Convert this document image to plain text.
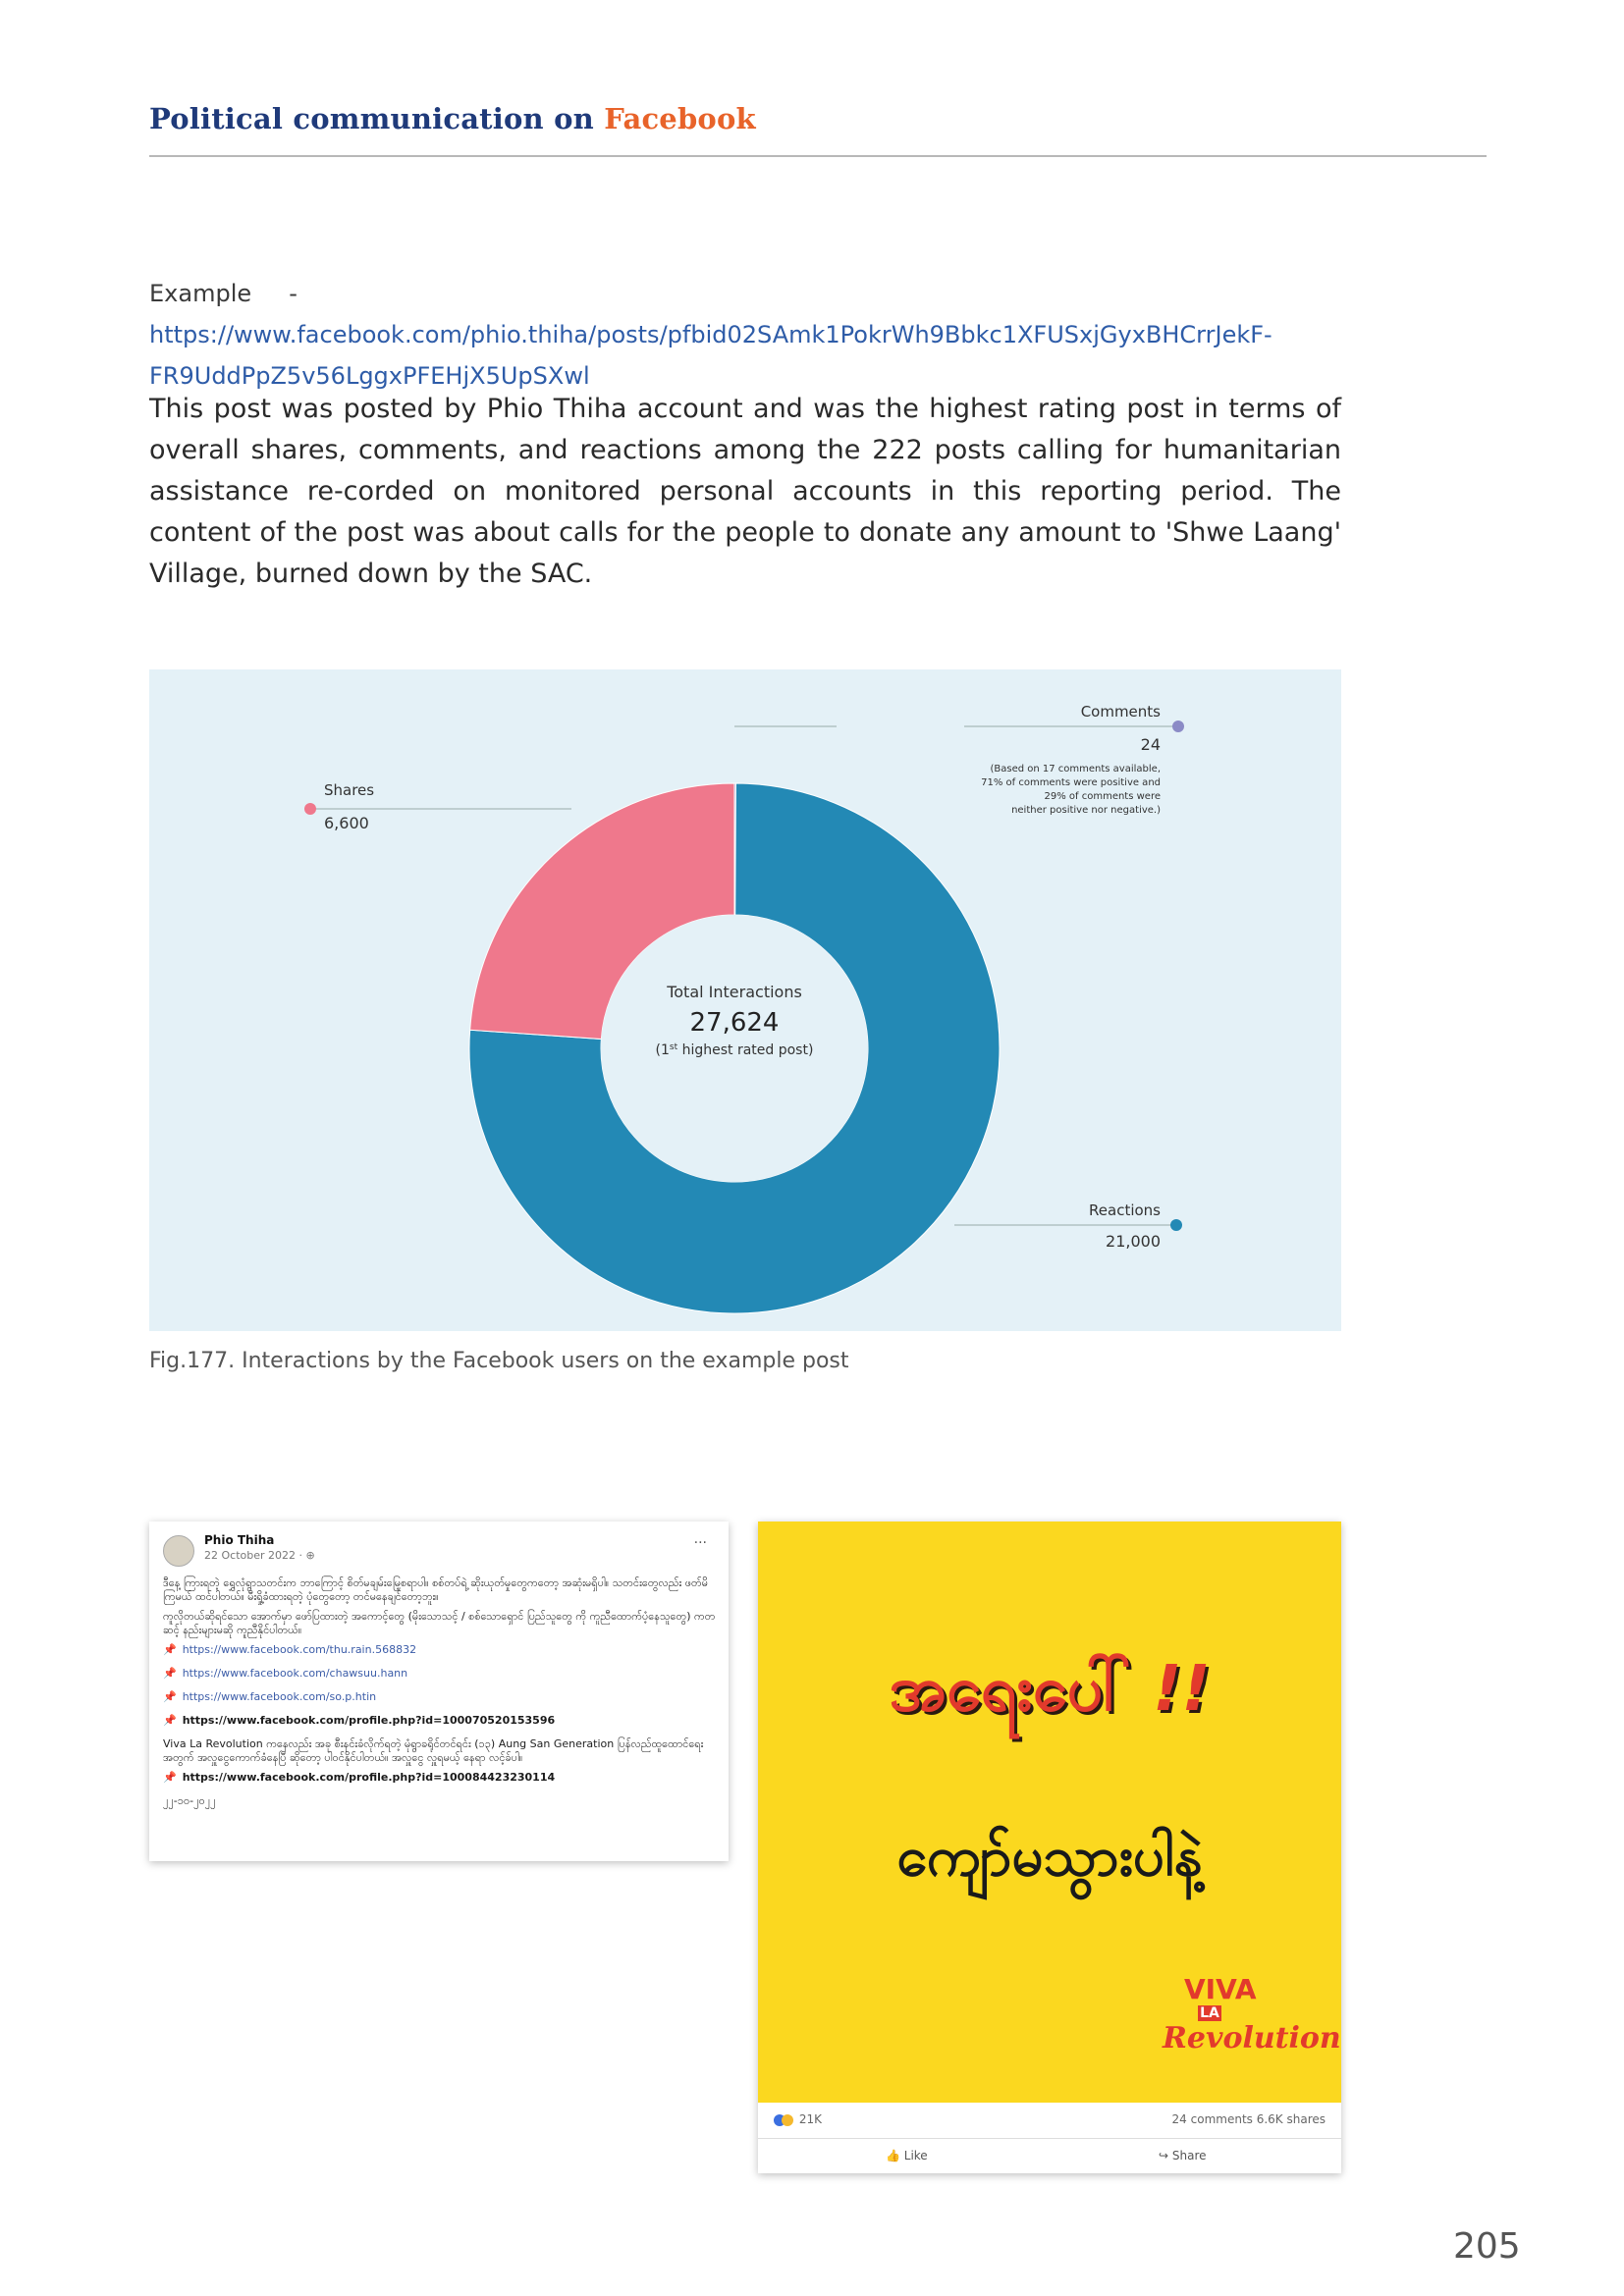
Political communication on Facebook
Example -     https://www.facebook.com/phio.thiha/posts/pfbid02SAmk1PokrWh9Bbkc1XFUSxjGyxBHCrrJekF-
FR9UddPpZ5v56LggxPFEHjX5UpSXwl
This post was posted by Phio Thiha account and was the highest rating post in terms of overall shares, comments, and reactions among the 222 posts calling for humanitarian assistance re-corded on monitored personal accounts in this reporting period. The content of the post was about calls for the people to donate any amount to 'Shwe Laang' Village, burned down by the SAC.
Total Interactions
27,624
(1st highest rated post)
Comments
24
(Based on 17 comments available,
71% of comments were positive and
29% of comments were
neither positive nor negative.)
Shares
6,600
Reactions
21,000
Fig.177. Interactions by the Facebook users on the example post
Phio Thiha
22 October 2022 · ⊕
···
ဒီနေ့ ကြားရတဲ့ ရွှေလုံရွာသတင်းက ဘာကြောင့် စိတ်မချမ်းမြေ့စရာပါ။ စစ်တပ်ရဲ့ ဆိုးယုတ်မှုတွေကတော့ အဆုံးမရှိပါ။ သတင်းတွေလည်း ဖတ်မိကြမယ် ထင်ပါတယ်။ မီးရှို့ခံထားရတဲ့ ပုံတွေတော့ တင်မနေချင်တော့ဘူး။
ကူလိုတယ်ဆိုရင်သော အောက်မှာ ဖော်ပြထားတဲ့ အကောင့်တွေ (မိုးသောသင့် / စစ်သောရှောင် ပြည်သူတွေ ကို ကူညီထောက်ပံ့နေသူတွေ) ကတဆင့် နည်းများမဆို ကူညီနိုင်ပါတယ်။
📌 https://www.facebook.com/thu.rain.568832
📌 https://www.facebook.com/chawsuu.hann
📌 https://www.facebook.com/so.p.htin
📌 https://www.facebook.com/profile.php?id=100070520153596
Viva La Revolution ကနေလည်း အခု စီးနင်းခံလိုက်ရတဲ့ မုံရွာခရိုင်တင်ရင်း (၁၃) Aung San Generation ပြန်လည်ထူထောင်ရေးအတွက် အလှူငွေကောက်ခံနေပြီ ဆိုတော့ ပါဝင်နိုင်ပါတယ်။ အလှူငွေ လှူရမယ့် နေရာ လင့်ခ်ပါ။
📌 https://www.facebook.com/profile.php?id=100084423230114
၂၂-၁၀-၂၀၂၂
အရေးပေါ် !!
ကျော်မသွားပါနဲ့
VIVA
LA
Revolution
21K	24 comments 6.6K shares
👍 Like	↪ Share
205
